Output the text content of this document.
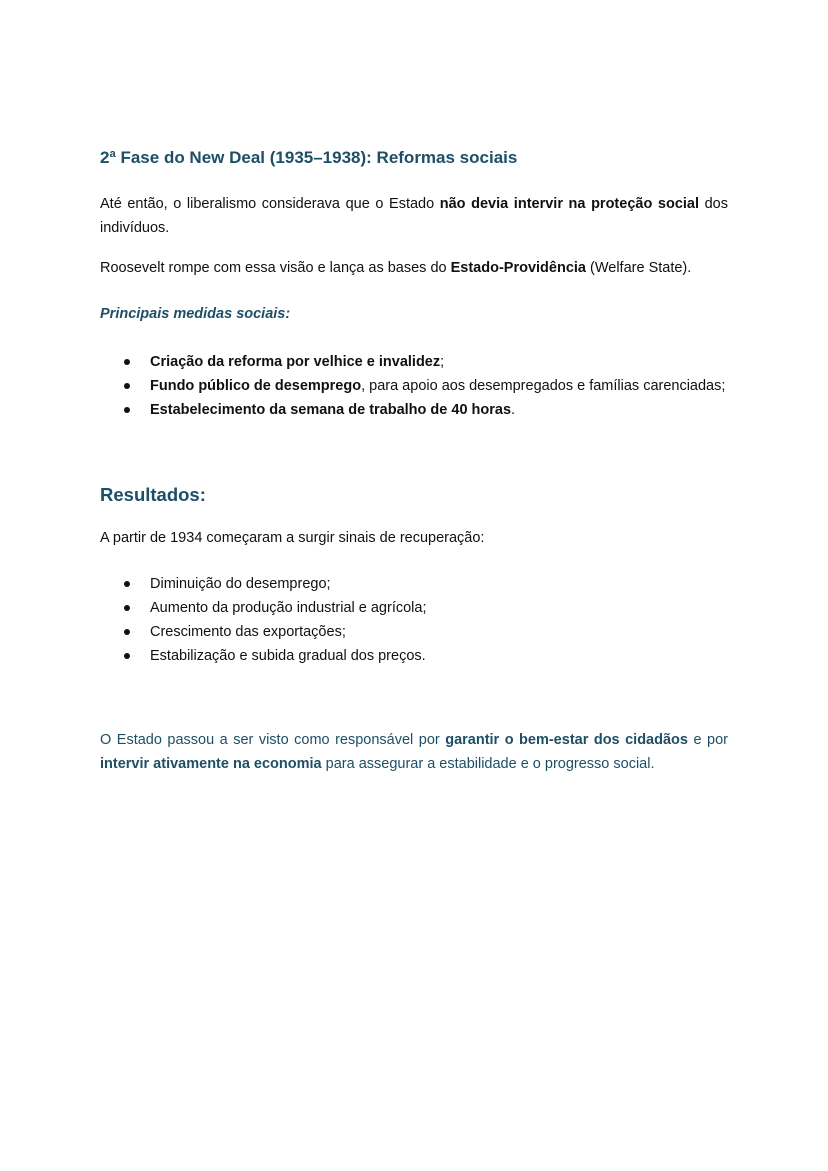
2ª Fase do New Deal (1935–1938): Reformas sociais

Até então, o liberalismo considerava que o Estado não devia intervir na proteção social dos indivíduos.

Roosevelt rompe com essa visão e lança as bases do Estado-Providência (Welfare State).

Principais medidas sociais:
Criação da reforma por velhice e invalidez;
Fundo público de desemprego, para apoio aos desempregados e famílias carenciadas;
Estabelecimento da semana de trabalho de 40 horas.
Resultados:

A partir de 1934 começaram a surgir sinais de recuperação:

Diminuição do desemprego;
Aumento da produção industrial e agrícola;
Crescimento das exportações;
Estabilização e subida gradual dos preços.

O Estado passou a ser visto como responsável por garantir o bem-estar dos cidadãos e por intervir ativamente na economia para assegurar a estabilidade e o progresso social.
